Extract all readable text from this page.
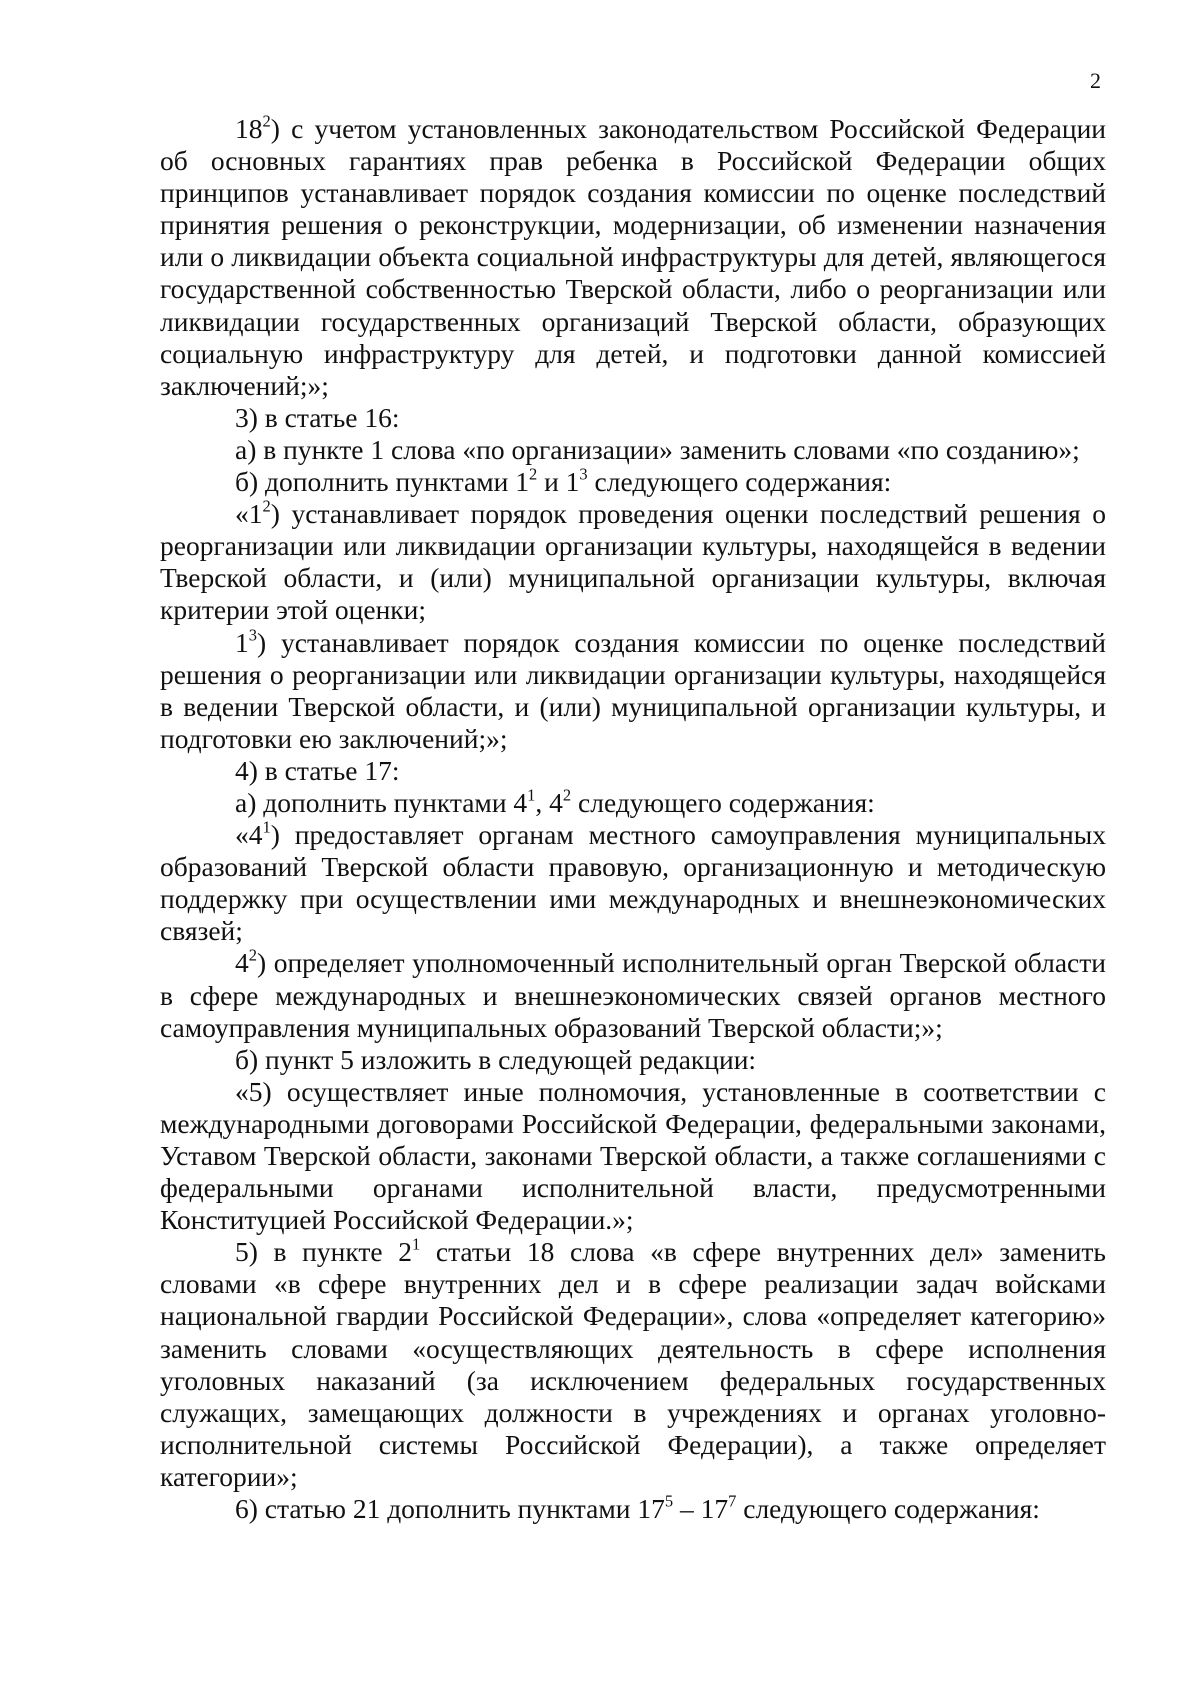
2

$18^2$) с учетом установленных законодательством Российской Федерации об основных гарантиях прав ребенка в Российской Федерации общих принципов устанавливает порядок создания комиссии по оценке последствий принятия решения о реконструкции, модернизации, об изменении назначения или о ликвидации объекта социальной инфраструктуры для детей, являющегося государственной собственностью Тверской области, либо о реорганизации или ликвидации государственных организаций Тверской области, образующих социальную инфраструктуру для детей, и подготовки данной комиссией заключений;»;

3) в статье 16:

а) в пункте 1 слова «по организации» заменить словами «по созданию»;

б) дополнить пунктами $1^2$ и $1^3$ следующего содержания:

«$1^2$) устанавливает порядок проведения оценки последствий решения о реорганизации или ликвидации организации культуры, находящейся в ведении Тверской области, и (или) муниципальной организации культуры, включая критерии этой оценки;

$1^3$) устанавливает порядок создания комиссии по оценке последствий решения о реорганизации или ликвидации организации культуры, находящейся в ведении Тверской области, и (или) муниципальной организации культуры, и подготовки ею заключений;»;

4) в статье 17:

а) дополнить пунктами $4^1$, $4^2$ следующего содержания:

«$4^1$) предоставляет органам местного самоуправления муниципальных образований Тверской области правовую, организационную и методическую поддержку при осуществлении ими международных и внешнеэкономических связей;

$4^2$) определяет уполномоченный исполнительный орган Тверской области в сфере международных и внешнеэкономических связей органов местного самоуправления муниципальных образований Тверской области;»;

б) пункт 5 изложить в следующей редакции:

«5) осуществляет иные полномочия, установленные в соответствии с международными договорами Российской Федерации, федеральными законами, Уставом Тверской области, законами Тверской области, а также соглашениями с федеральными органами исполнительной власти, предусмотренными Конституцией Российской Федерации.»;

5) в пункте $2^1$ статьи 18 слова «в сфере внутренних дел» заменить словами «в сфере внутренних дел и в сфере реализации задач войсками национальной гвардии Российской Федерации», слова «определяет категорию» заменить словами «осуществляющих деятельность в сфере исполнения уголовных наказаний (за исключением федеральных государственных служащих, замещающих должности в учреждениях и органах уголовно-исполнительной системы Российской Федерации), а также определяет категории»;

6) статью 21 дополнить пунктами $17^5 - 17^7$ следующего содержания:
